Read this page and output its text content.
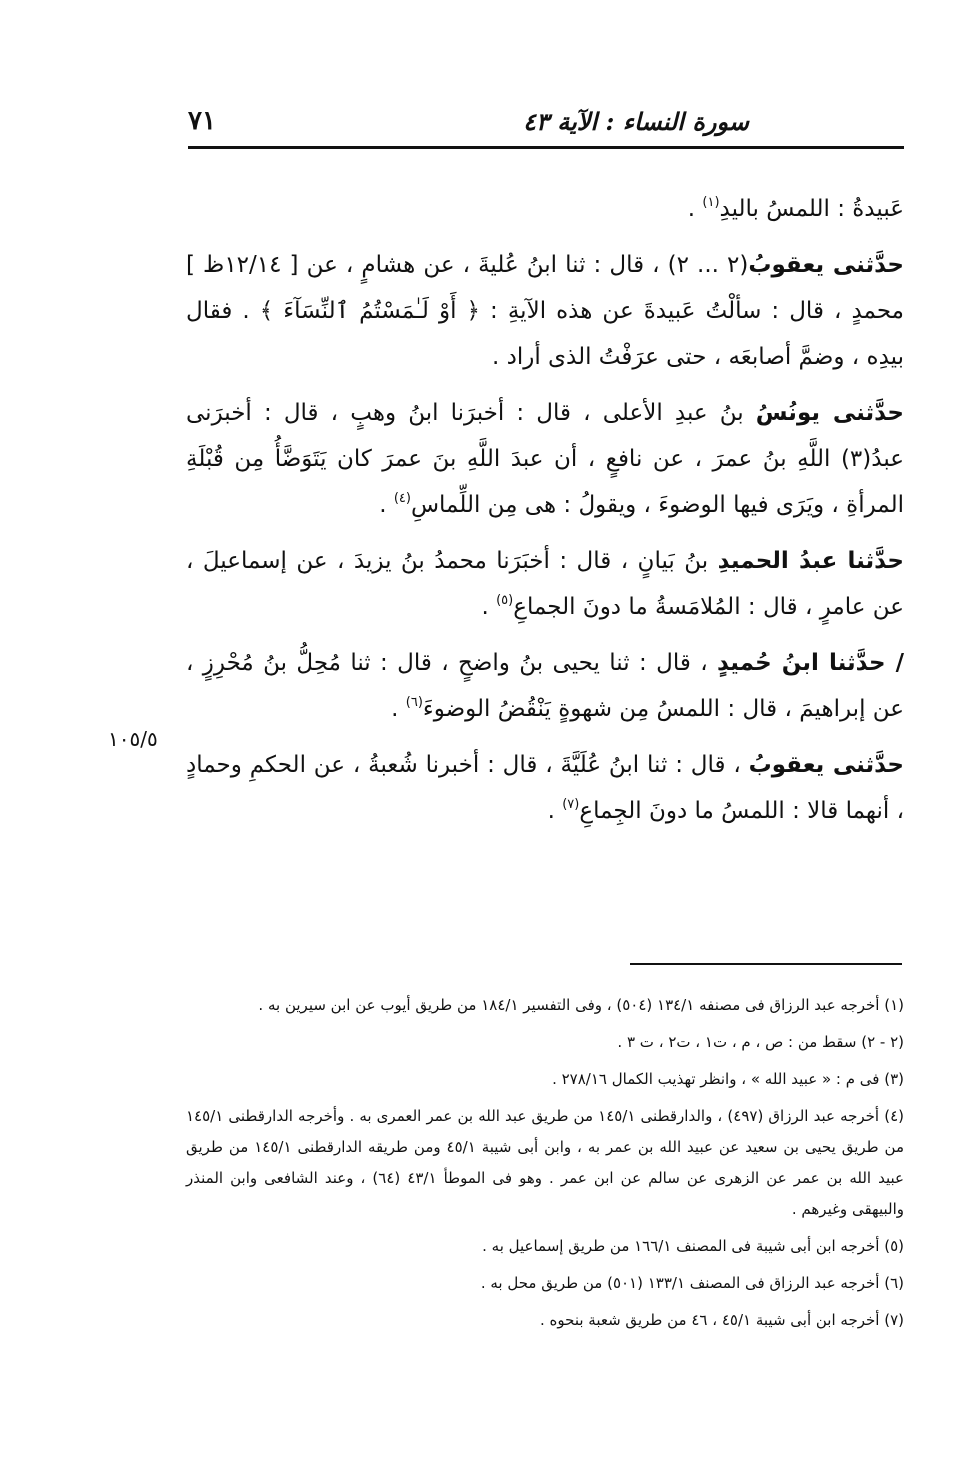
٧١	سورة النساء : الآية ٤٣
١٠٥/٥

عَبيدةُ : اللمسُ باليدِ$^{(١)}$ .

حدَّثنى يعقوبُ(٢ ... ٢) ، قال : ثنا ابنُ عُليةَ ، عن هشامٍ ، عن [ ١٢/١٤ظ ] محمدٍ ، قال : سألْتُ عَبيدةَ عن هذه الآيةِ : ﴿ أَوْ لَـٰمَسْتُمُ ٱلنِّسَآءَ ﴾ . فقال بيدِه ، وضمَّ أصابعَه ، حتى عرَفْتُ الذى أراد .

حدَّثنى يونُسُ بنُ عبدِ الأعلى ، قال : أخبرَنا ابنُ وهبٍ ، قال : أخبرَنى عبدُ(٣) اللَّهِ بنُ عمرَ ، عن نافعٍ ، أن عبدَ اللَّهِ بنَ عمرَ كان يَتَوَضَّأُ مِن قُبْلَةِ المرأةِ ، ويَرَى فيها الوضوءَ ، ويقولُ : هى مِن اللِّماسِ$^{(٤)}$ .

حدَّثنا عبدُ الحميدِ بنُ بَيانٍ ، قال : أخبَرَنا محمدُ بنُ يزيدَ ، عن إسماعيلَ ، عن عامرٍ ، قال : المُلامَسةُ ما دونَ الجماعِ$^{(٥)}$ .

/ حدَّثنا ابنُ حُميدٍ ، قال : ثنا يحيى بنُ واضحٍ ، قال : ثنا مُحِلُّ بنُ مُحْرِزٍ ، عن إبراهيمَ ، قال : اللمسُ مِن شهوةٍ يَنْقُضُ الوضوءَ$^{(٦)}$ .

حدَّثنى يعقوبُ ، قال : ثنا ابنُ عُلَيَّةَ ، قال : أخبرنا شُعبةُ ، عن الحكمِ وحمادٍ ، أنهما قالا : اللمسُ ما دونَ الجِماعِ$^{(٧)}$ .

(١) أخرجه عبد الرزاق فى مصنفه ١٣٤/١ (٥٠٤) ، وفى التفسير ١٨٤/١ من طريق أيوب عن ابن سيرين به .

(٢ - ٢) سقط من : ص ، م ، ت١ ، ت٢ ، ت ٣ .

(٣) فى م : « عبيد الله » ، وانظر تهذيب الكمال ٢٧٨/١٦ .

(٤) أخرجه عبد الرزاق (٤٩٧) ، والدارقطنى ١٤٥/١ من طريق عبد الله بن عمر العمرى به . وأخرجه الدارقطنى ١٤٥/١ من طريق يحيى بن سعيد عن عبيد الله بن عمر به ، وابن أبى شيبة ٤٥/١ ومن طريقه الدارقطنى ١٤٥/١ من طريق عبيد الله بن عمر عن الزهرى عن سالم عن ابن عمر . وهو فى الموطأ ٤٣/١ (٦٤) ، وعند الشافعى وابن المنذر والبيهقى وغيرهم .

(٥) أخرجه ابن أبى شيبة فى المصنف ١٦٦/١ من طريق إسماعيل به .

(٦) أخرجه عبد الرزاق فى المصنف ١٣٣/١ (٥٠١) من طريق محل به .

(٧) أخرجه ابن أبى شيبة ٤٥/١ ، ٤٦ من طريق شعبة بنحوه .
